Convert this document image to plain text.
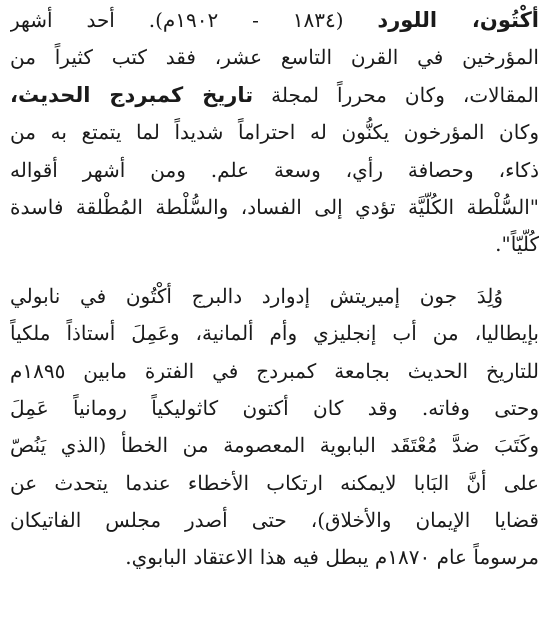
أكْتُون، اللورد (١٨٣٤ - ١٩٠٢م). أحد أشهر
المؤرخين في القرن التاسع عشر، فقد كتب كثيراً من
المقالات، وكان محرراً لمجلة تاريخ كمبردج الحديث،
وكان المؤرخون يكنُّون له احتراماً شديداً لما يتمتع به من
ذكاء، وحصافة رأي، وسعة علم. ومن أشهر أقواله
"السُّلْطة الكُلّيَّة تؤدي إلى الفساد، والسُّلْطة المُطْلقة فاسدة
كُلّيّاً".
وُلِدَ جون إميريتش إدوارد دالبرج أكْتُون في نابولي
بإيطاليا، من أب إنجليزي وأم ألمانية، وعَمِلَ أستاذاً ملكياً
للتاريخ الحديث بجامعة كمبردج في الفترة مابين ١٨٩٥م
وحتى وفاته. وقد كان أكتون كاثوليكياً رومانياً عَمِلَ
وكَتَبَ ضدَّ مُعْتَقَد البابوية المعصومة من الخطأ (الذي يَنُصّ
على أنَّ البَابا لايمكنه ارتكاب الأخطاء عندما يتحدث عن
قضايا الإيمان والأخلاق)، حتى أصدر مجلس الفاتيكان
مرسوماً عام ١٨٧٠م يبطل فيه هذا الاعتقاد البابوي.
